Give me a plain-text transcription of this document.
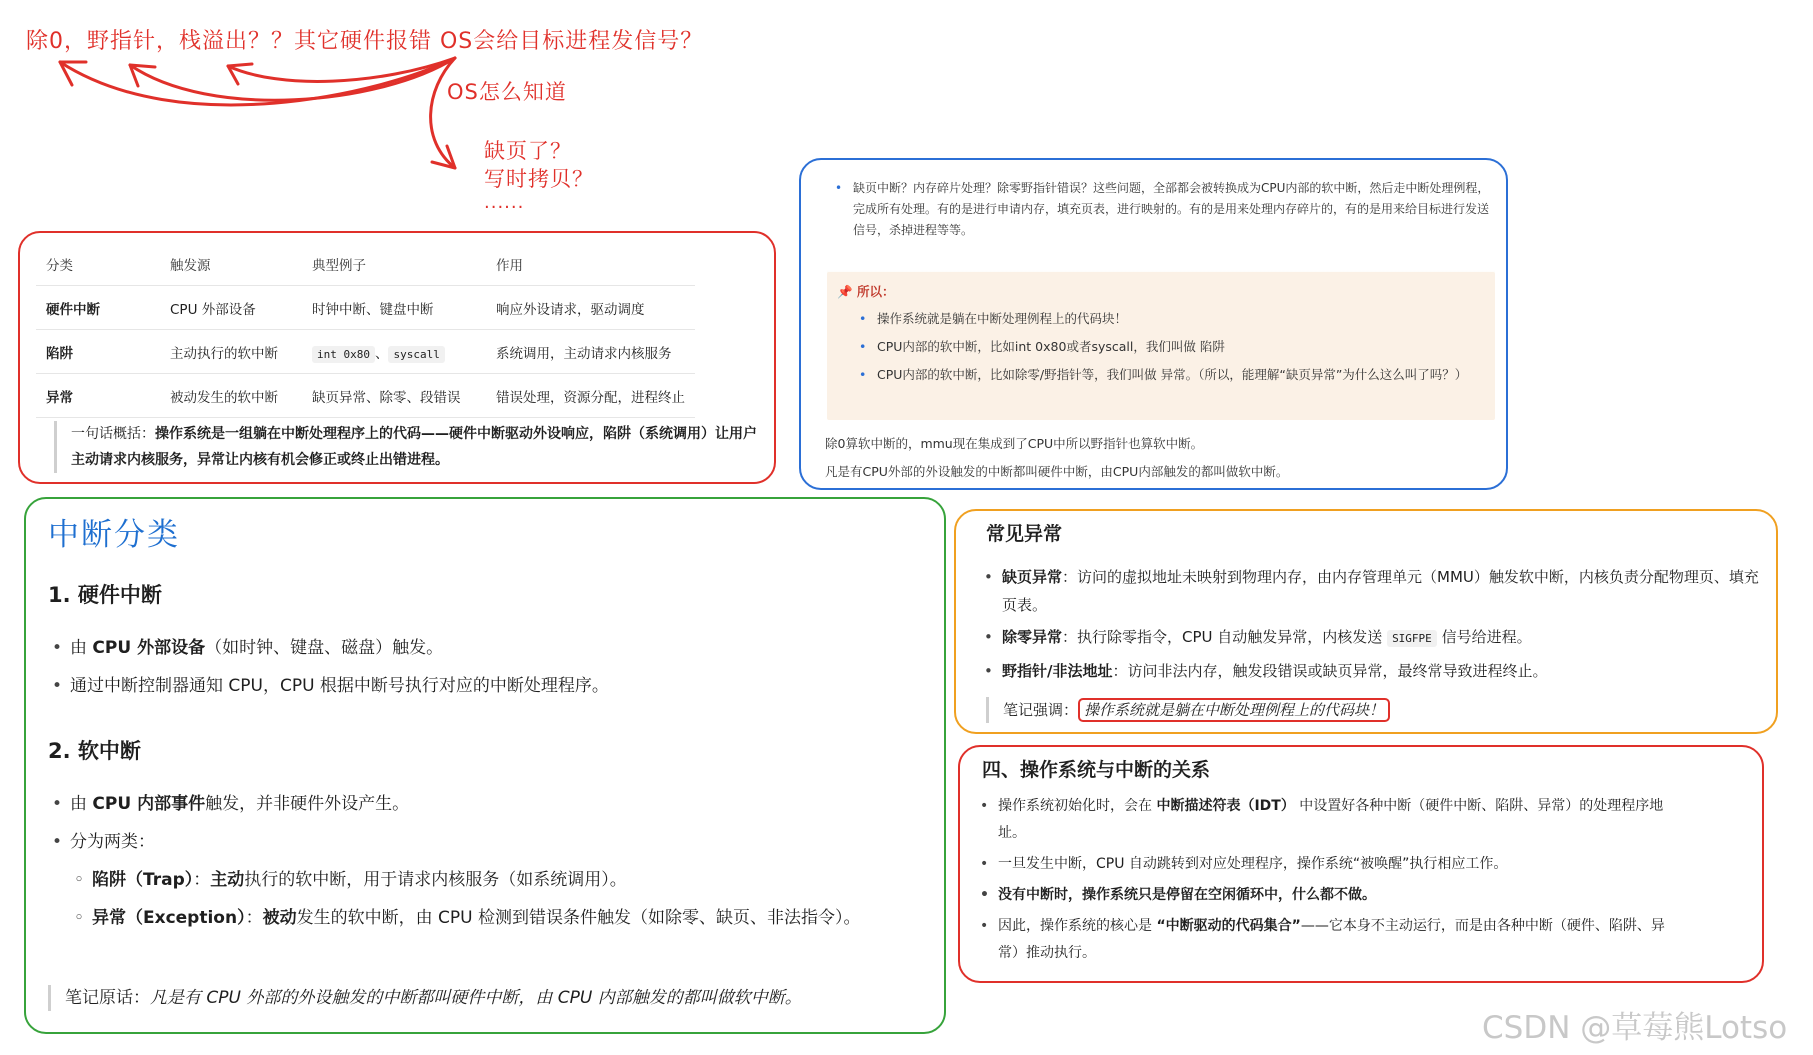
除0，野指针，栈溢出？？其它硬件报错 OS会给目标进程发信号？
OS怎么知道
缺页了？
写时拷贝？
......
分类	触发源	典型例子	作用
硬件中断	CPU 外部设备	时钟中断、键盘中断	响应外设请求，驱动调度
陷阱	主动执行的软中断	int 0x80 、 syscall	系统调用，主动请求内核服务
异常	被动发生的软中断	缺页异常、除零、段错误	错误处理，资源分配，进程终止
一句话概括：操作系统是一组躺在中断处理程序上的代码——硬件中断驱动外设响应，陷阱（系统调用）让用户主动请求内核服务，异常让内核有机会修正或终止出错进程。
• 缺页中断？内存碎片处理？除零野指针错误？这些问题，全部都会被转换成为CPU内部的软中断，然后走中断处理例程，完成所有处理。有的是进行申请内存，填充页表，进行映射的。有的是用来处理内存碎片的，有的是用来给目标进行发送信号，杀掉进程等等。
📌 所以：
• 操作系统就是躺在中断处理例程上的代码块！
• CPU内部的软中断，比如int 0x80或者syscall，我们叫做 陷阱
• CPU内部的软中断，比如除零/野指针等，我们叫做 异常。（所以，能理解“缺页异常”为什么这么叫了吗？）
除0算软中断的，mmu现在集成到了CPU中所以野指针也算软中断。
凡是有CPU外部的外设触发的中断都叫硬件中断，由CPU内部触发的都叫做软中断。
中断分类
1. 硬件中断
• 由 CPU 外部设备（如时钟、键盘、磁盘）触发。
• 通过中断控制器通知 CPU，CPU 根据中断号执行对应的中断处理程序。
2. 软中断
• 由 CPU 内部事件触发，并非硬件外设产生。
• 分为两类：
◦ 陷阱（Trap）：主动执行的软中断，用于请求内核服务（如系统调用）。
◦ 异常（Exception）：被动发生的软中断，由 CPU 检测到错误条件触发（如除零、缺页、非法指令）。
笔记原话：凡是有 CPU 外部的外设触发的中断都叫硬件中断，由 CPU 内部触发的都叫做软中断。
常见异常
• 缺页异常：访问的虚拟地址未映射到物理内存，由内存管理单元（MMU）触发软中断，内核负责分配物理页、填充页表。
• 除零异常：执行除零指令，CPU 自动触发异常，内核发送 SIGFPE 信号给进程。
• 野指针/非法地址：访问非法内存，触发段错误或缺页异常，最终常导致进程终止。
笔记强调： 操作系统就是躺在中断处理例程上的代码块！
四、操作系统与中断的关系
• 操作系统初始化时，会在 中断描述符表（IDT） 中设置好各种中断（硬件中断、陷阱、异常）的处理程序地址。
• 一旦发生中断，CPU 自动跳转到对应处理程序，操作系统“被唤醒”执行相应工作。
• 没有中断时，操作系统只是停留在空闲循环中，什么都不做。
• 因此，操作系统的核心是 “中断驱动的代码集合”——它本身不主动运行，而是由各种中断（硬件、陷阱、异常）推动执行。
CSDN @草莓熊Lotso
